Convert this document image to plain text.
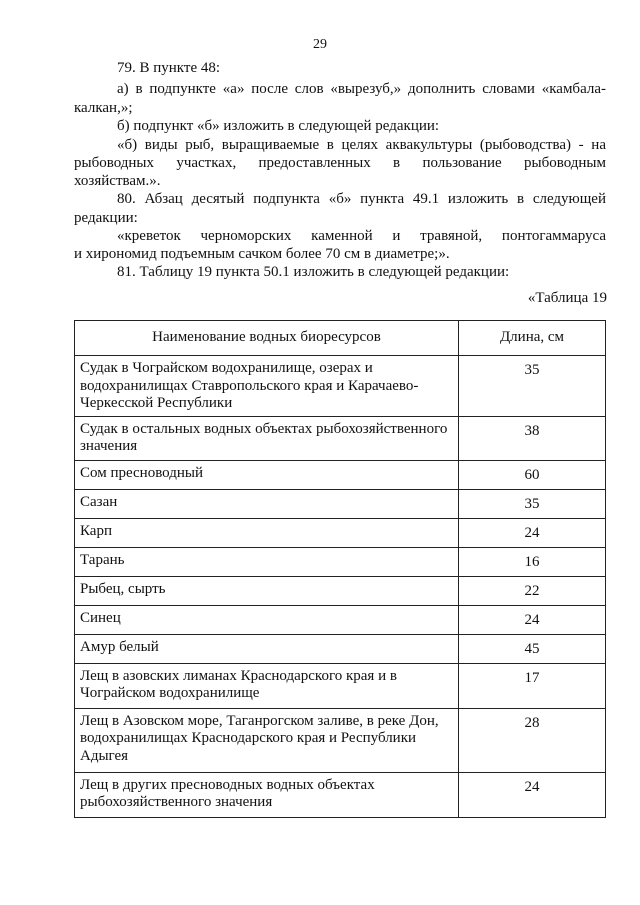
29
79. В пункте 48:
а) в подпункте «а» после слов «вырезуб,» дополнить словами «камбала-
калкан,»;
б) подпункт «б» изложить в следующей редакции:
«б) виды рыб, выращиваемые в целях аквакультуры (рыбоводства) - на
рыбоводных участках, предоставленных в пользование рыбоводным
хозяйствам.».
80. Абзац десятый подпункта «б» пункта 49.1 изложить в следующей
редакции:
«креветок черноморских каменной и травяной, понтогаммаруса
и хирономид подъемным сачком более 70 см в диаметре;».
81. Таблицу 19 пункта 50.1 изложить в следующей редакции:
«Таблица 19
Наименование водных биоресурсов	Длина, см
Судак в Чограйском водохранилище, озерах и водохранилищах Ставропольского края и Карачаево-Черкесской Республики	35
Судак в остальных водных объектах рыбохозяйственного значения	38
Сом пресноводный	60
Сазан	35
Карп	24
Тарань	16
Рыбец, сырть	22
Синец	24
Амур белый	45
Лещ в азовских лиманах Краснодарского края и в Чограйском водохранилище	17
Лещ в Азовском море, Таганрогском заливе, в реке Дон, водохранилищах Краснодарского края и Республики Адыгея	28
Лещ в других пресноводных водных объектах рыбохозяйственного значения	24
